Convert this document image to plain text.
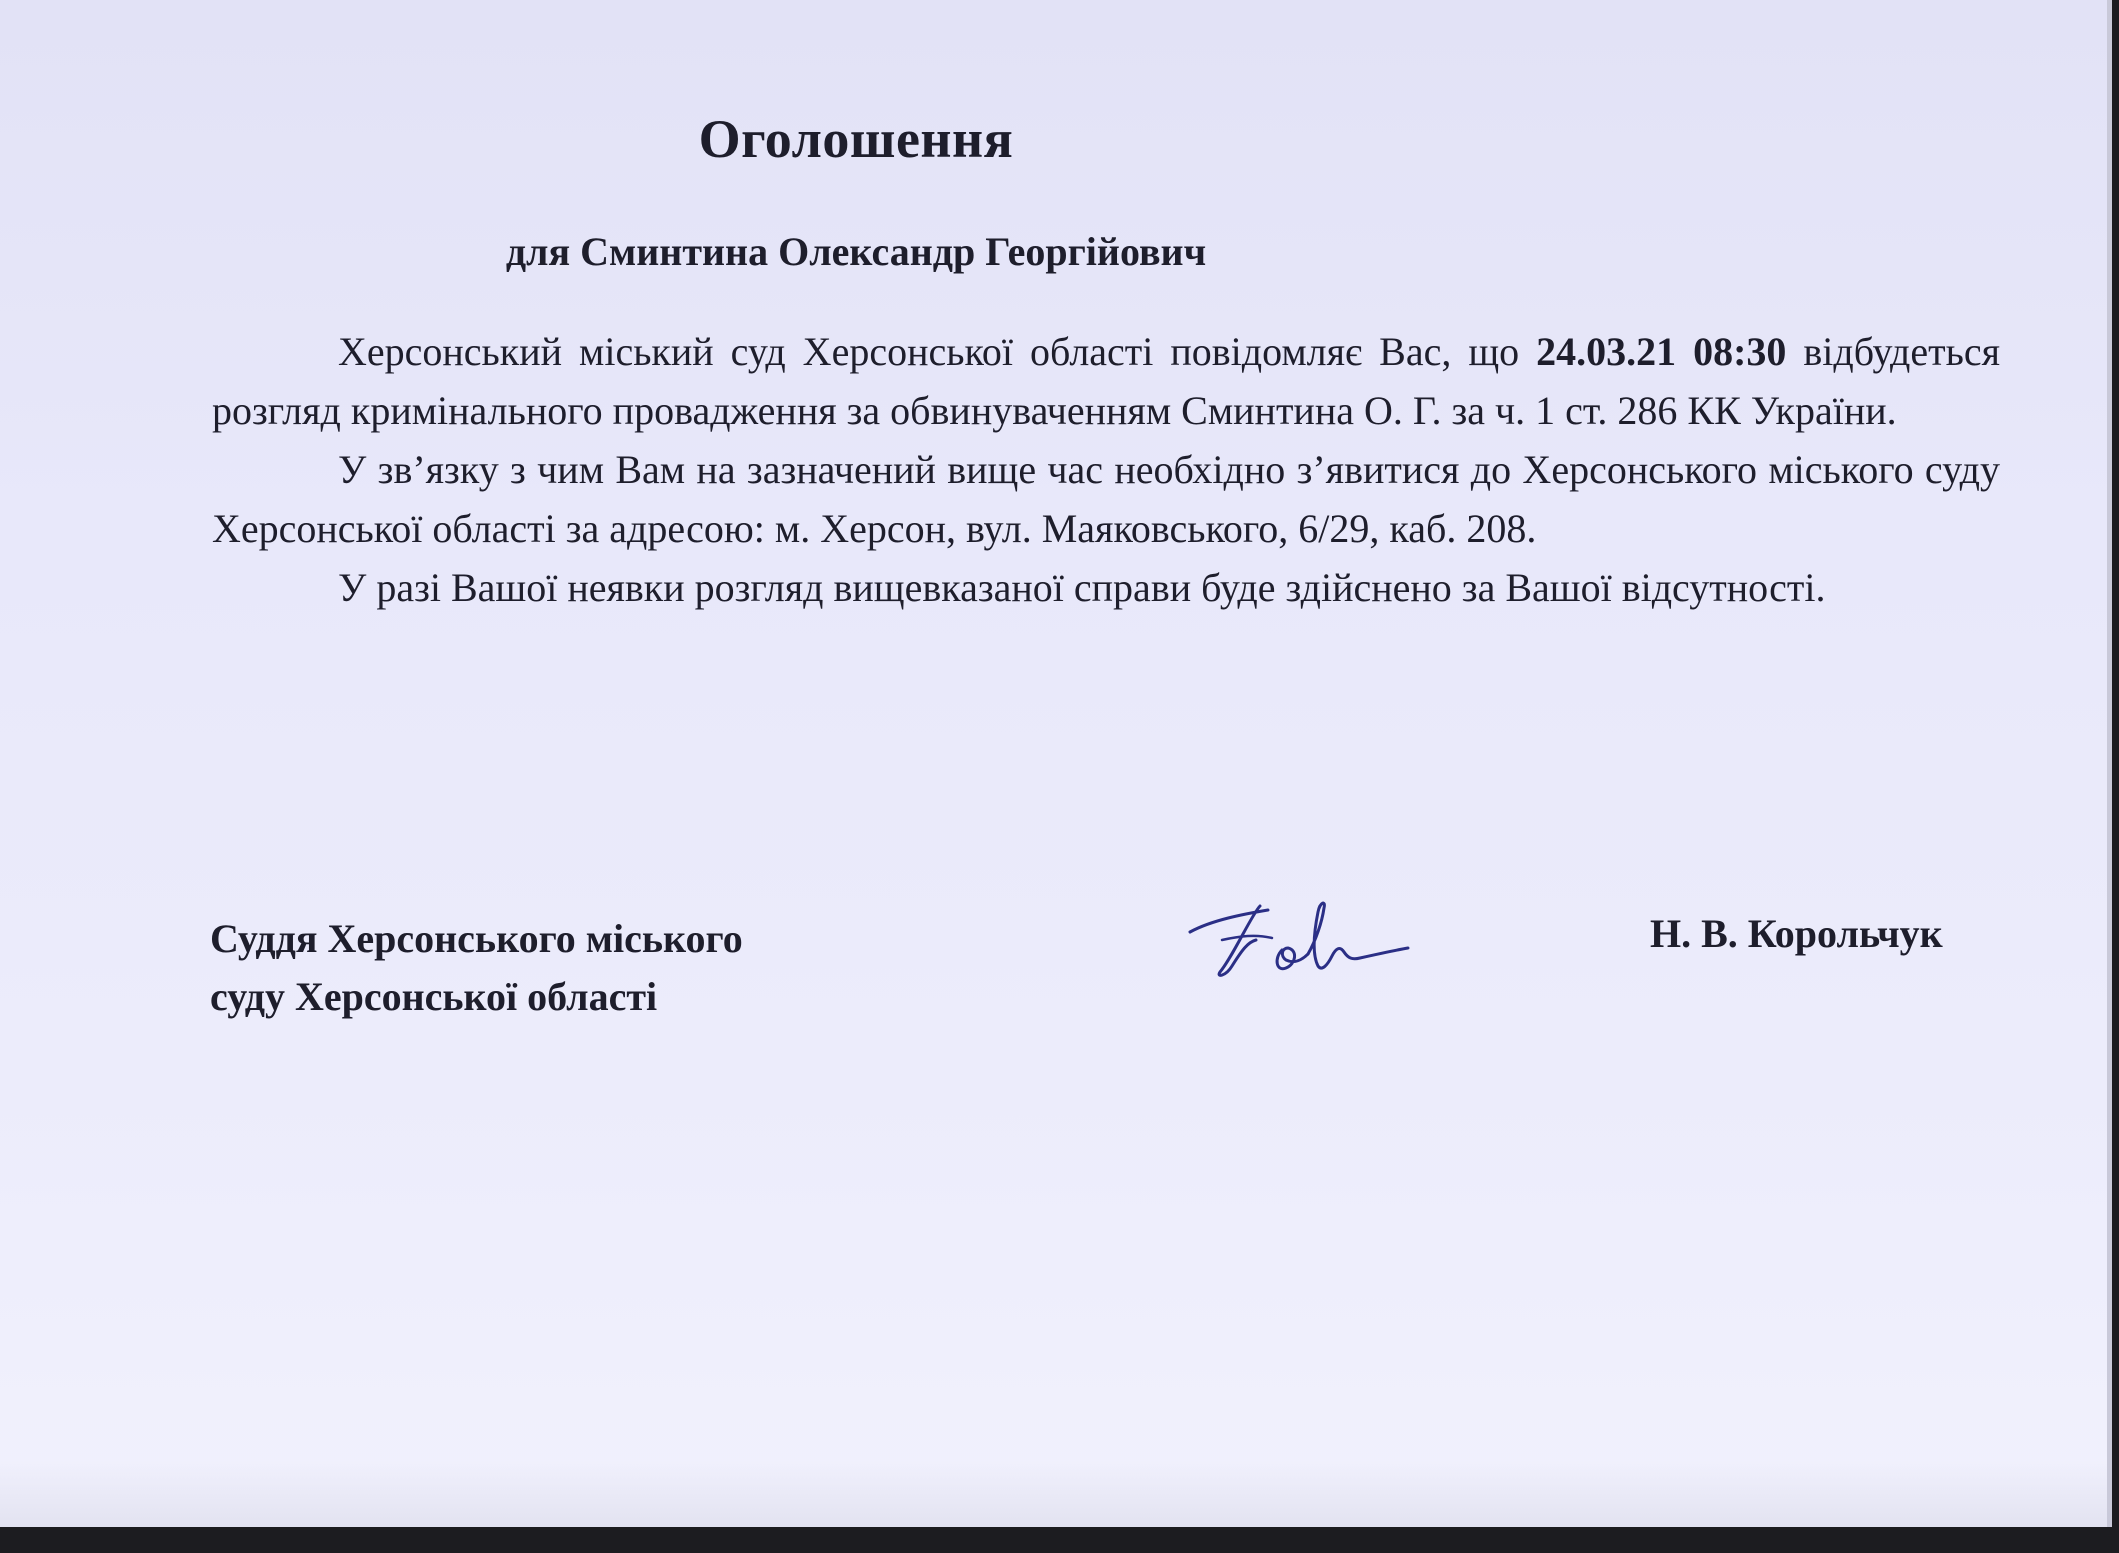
Оголошення
для Сминтина Олександр Георгійович

Херсонський міський суд Херсонської області повідомляє Вас, що 24.03.21 08:30 відбудеться розгляд кримінального провадження за обвинуваченням Сминтина О. Г. за ч. 1 ст. 286 КК України.

У зв’язку з чим Вам на зазначений вище час необхідно з’явитися до Херсонського міського суду Херсонської області за адресою: м. Херсон, вул. Маяковського, 6/29, каб. 208.

У разі Вашої неявки розгляд вищевказаної справи буде здійснено за Вашої відсутності.

Суддя Херсонського міського
суду Херсонської області
Н. В. Корольчук
